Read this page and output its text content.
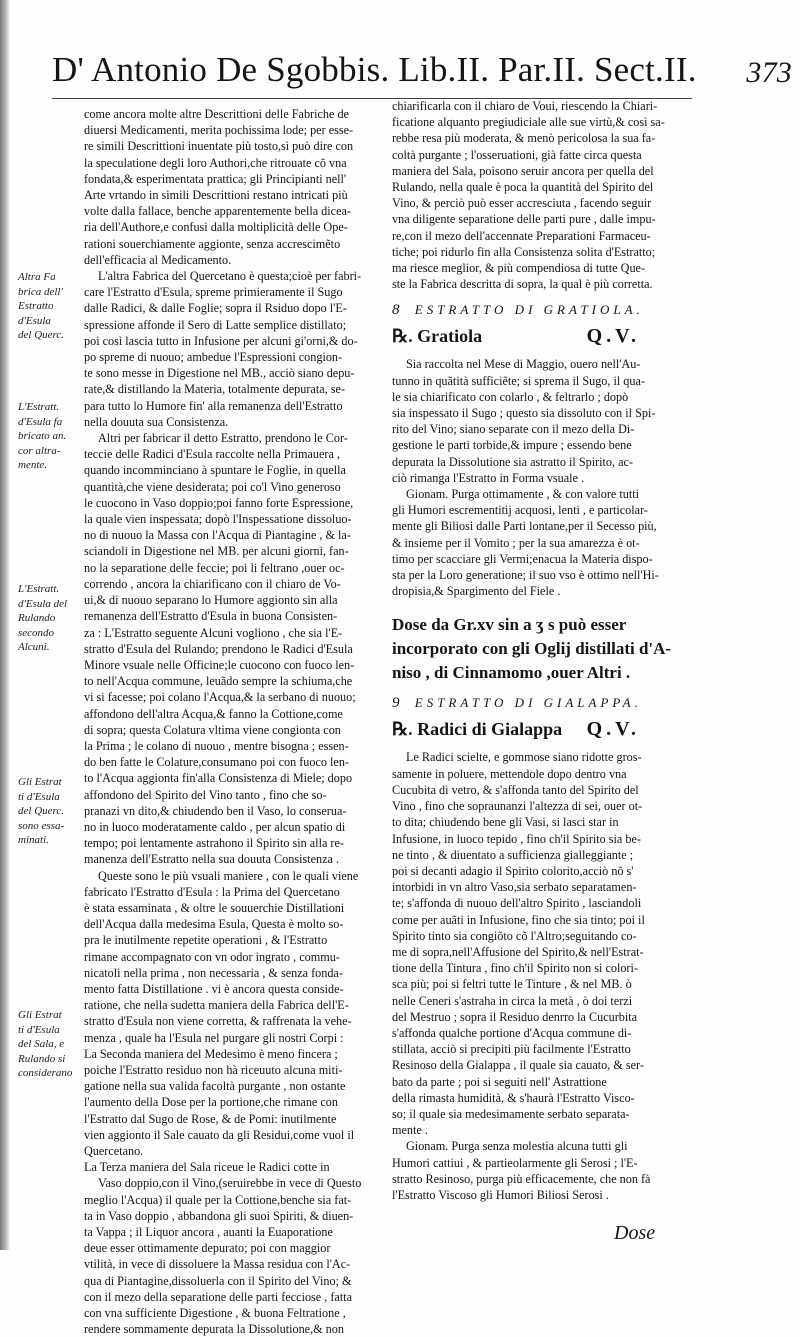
D' Antonio De Sgobbis. Lib.II. Par.II. Sect.II. 373
come ancora molte altre Descrittioni delle Fabriche de
diuersi Medicamenti, merita pochissima lode; per esse-
re simili Descrittioni inuentate più tosto,sì può dire con
la speculatione degli loro Authori,che ritrouate cõ vna
fondata,& esperimentata prattica; gli Principianti nell'
Arte vrtando in simili Descrittioni restano intricati più
volte dalla fallace, benche apparentemente bella dicea-
ria dell'Authore,e confusi dalla moltiplicità delle Ope-
rationi souerchiamente aggionte, senza accrescimẽto
dell'efficacia al Medicamento.
L'altra Fabrica del Quercetano è questa;cioè per fabri-
care l'Estratto d'Esula, spreme primieramente il Sugo
dalle Radici, & dalle Foglie; sopra il Rsiduo dopo l'E-
spressione affonde il Sero di Latte semplice distillato;
poi così lascia tutto in Infusione per alcuni gi'orni,& do-
po spreme di nuouo; ambedue l'Espressioni congion-
te sono messe in Digestione nel MB., acciò siano depu-
rate,& distillando la Materia, totalmente depurata, se-
para tutto lo Humore fin' alla remanenza dell'Estratto
nella douuta sua Consistenza.
Altri per fabricar il detto Estratto, prendono le Cor-
teccie delle Radici d'Esula raccolte nella Primauera ,
quando incomminciano à spuntare le Foglie, in quella
quantità,che viene desiderata; poi co'l Vino generoso
le cuocono in Vaso doppio;poi fanno forte Espressione,
la quale vien inspessata; dopò l'Inspessatione dissoluo-
no di nuouo la Massa con l'Acqua di Piantagine , & la-
sciandoli in Digestione nel MB. per alcuni giorni, fan-
no la separatione delle feccie; poi li feltrano ,ouer oc-
correndo , ancora la chiarificano con il chiaro de Vo-
ui,& di nuouo separano lo Humore aggionto sin alla
remanenza dell'Estratto d'Esula in buona Consisten-
za : L'Estratto seguente Alcuni vogliono , che sia l'E-
stratto d'Esula del Rulando; prendono le Radici d'Esula
Minore vsuale nelle Officine;le cuocono con fuoco len-
to nell'Acqua commune, leuãdo sempre la schiuma,che
vi si facesse; poi colano l'Acqua,& la serbano di nuouo;
affondono dell'altra Acqua,& fanno la Cottione,come
di sopra; questa Colatura vltima viene congionta con
la Prima ; le colano di nuouo , mentre bisogna ; essen-
do ben fatte le Colature,consumano poi con fuoco len-
to l'Acqua aggionta fin'alla Consistenza di Miele; dopo
affondono del Spirito del Vino tanto , fino che so-
pranazi vn dito,& chiudendo ben il Vaso, lo conserua-
no in luoco moderatamente caldo , per alcun spatio di
tempo; poi lentamente astrahono il Spirito sin alla re-
manenza dell'Estratto nella sua douuta Consistenza .
Queste sono le più vsuali maniere , con le quali viene
fabricato l'Estratto d'Esula : la Prima del Quercetano
è stata essaminata , & oltre le souuerchie Distillationi
dell'Acqua dalla medesima Esula, Questa è molto so-
pra le inutilmente repetite operationi , & l'Estratto
rimane accompagnato con vn odor ingrato , commu-
nicatoli nella prima , non necessaria , & senza fonda-
mento fatta Distillatione . vi è ancora questa conside-
ratione, che nella sudetta maniera della Fabrica dell'E-
stratto d'Esula non viene corretta, & raffrenata la vehe-
menza , quale ha l'Esula nel purgare gli nostri Corpi :
La Seconda maniera del Medesimo è meno fincera ;
poiche l'Estratto residuo non hà riceuuto alcuna miti-
gatione nella sua valida facoltà purgante , non ostante
l'aumento della Dose per la portione,che rimane con
l'Estratto dal Sugo de Rose, & de Pomi: inutilmente
vien aggionto il Sale cauato da gli Residui,come vuol il
Quercetano.
La Terza maniera del Sala riceue le Radici cotte in
Vaso doppio,con il Vino,(seruirebbe in vece di Questo
meglio l'Acqua) il quale per la Cottione,benche sia fat-
ta in Vaso doppio , abbandona gli suoi Spiriti, & diuen-
ta Vappa ; il Liquor ancora , auanti la Euaporatione
deue esser ottimamente depurato; poi con maggior
vtilità, in vece di dissoluere la Massa residua con l'Ac-
qua di Piantagine,dissoluerla con il Spirito del Vino; &
con il mezo della separatione delle parti fecciose , fatta
con vna sufficiente Digestione , & buona Feltratione ,
rendere sommamente depurata la Dissolutione,& non
Altra Fa
brica dell'
Estratto
d'Esula
del Querc.
L'Estratt.
d'Esula fa
bricato an.
cor altra-
mente.
L'Estratt.
d'Esula del
Rulando
secondo
Alcuni.
Gli Estrat
ti d'Esula
del Querc.
sono essa-
minati.
Gli Estrat
ti d'Esula
del Sala, e
Rulando si
considerano
chiarificarla con il chiaro de Voui, riescendo la Chiari-
ficatione alquanto pregiudiciale alle sue virtù,& così sa-
rebbe resa più moderata, & menò pericolosa la sua fa-
coltà purgante ; l'osseruationi, già fatte circa questa
maniera del Sala, poisono seruir ancora per quella del
Rulando, nella quale è poca la quantità del Spirito del
Vino, & perciò può esser accresciuta , facendo seguir
vna diligente separatione delle parti pure , dalle impu-
re,con il mezo dell'accennate Preparationi Farmaceu-
tiche; poi ridurlo fin alla Consistenza solita d'Estratto;
ma riesce meglior, & più compendiosa di tutte Que-
ste la Fabrica descritta di sopra, la qual è più corretta.
8 ESTRATTO DI GRATIOLA.
℞. Gratiola	Q.V.
Sia raccolta nel Mese di Maggio, ouero nell'Au-
tunno in quãtità sufficiẽte; si sprema il Sugo, il qua-
le sia chiarificato con colarlo , & feltrarlo ; dopò
sia inspessato il Sugo ; questo sia dissoluto con il Spi-
rito del Vino; siano separate con il mezo della Di-
gestione le parti torbide,& impure ; essendo bene
depurata la Dissolutione sia astratto il Spirito, ac-
ciò rimanga l'Estratto in Forma vsuale .
Gionam. Purga ottimamente , & con valore tutti
gli Humori escrementitij acquosi, lenti , e particolar-
mente gli Biliosi dalle Parti lontane,per il Secesso più,
& insieme per il Vomito ; per la sua amarezza è ot-
timo per scacciare gli Vermi;enacua la Materia dispo-
sta per la Loro generatione; il suo vso è ottimo nell'Hi-
dropisia,& Spargimento del Fiele .
Dose da Gr.xv sin a ʒ s può esser
incorporato con gli Oglij distillati d'A-
niso , di Cinnamomo ,ouer Altri .
9 ESTRATTO DI GIALAPPA.
℞. Radici di Gialappa Q.V.
Le Radici scielte, e gommose siano ridotte gros-
samente in poluere, mettendole dopo dentro vna
Cucubita di vetro, & s'affonda tanto del Spirito del
Vino , fino che sopraunanzi l'altezza di sei, ouer ot-
to dita; chiudendo bene gli Vasi, si lasci star in
Infusione, in luoco tepido , fino ch'il Spirito sia be-
ne tinto , & diuentato a sufficienza gialleggiante ;
poi si decanti adagio il Spirito colorito,acciò nõ s'
intorbidi in vn altro Vaso,sia serbato separatamen-
te; s'affonda di nuouo dell'altro Spirito , lasciandoli
come per auãti in Infusione, fino che sia tinto; poi il
Spirito tinto sia congiõto cõ l'Altro;seguitando co-
me di sopra,nell'Affusione del Spirito,& nell'Estrat-
tione della Tintura , fino ch'il Spirito non si colori-
sca più; poi si feltri tutte le Tinture , & nel MB. ò
nelle Ceneri s'astraha in circa la metà , ò doi terzi
del Mestruo ; sopra il Residuo denrro la Cucurbita
s'affonda qualche portione d'Acqua commune di-
stillata, acciò si precipiti più facilmente l'Estratto
Resinoso della Gialappa , il quale sia cauato, & ser-
bato da parte ; poi si seguiti nell' Astrattione
della rimasta humidità, & s'haurà l'Estratto Visco-
so; il quale sia medesimamente serbato separata-
mente .
Gionam. Purga senza molestia alcuna tutti gli
Humori cattiui , & partieolarmente gli Serosi ; l'E-
stratto Resinoso, purga più efficacemente, che non fà
l'Estratto Viscoso gli Humori Biliosi Serosi .
Dose
